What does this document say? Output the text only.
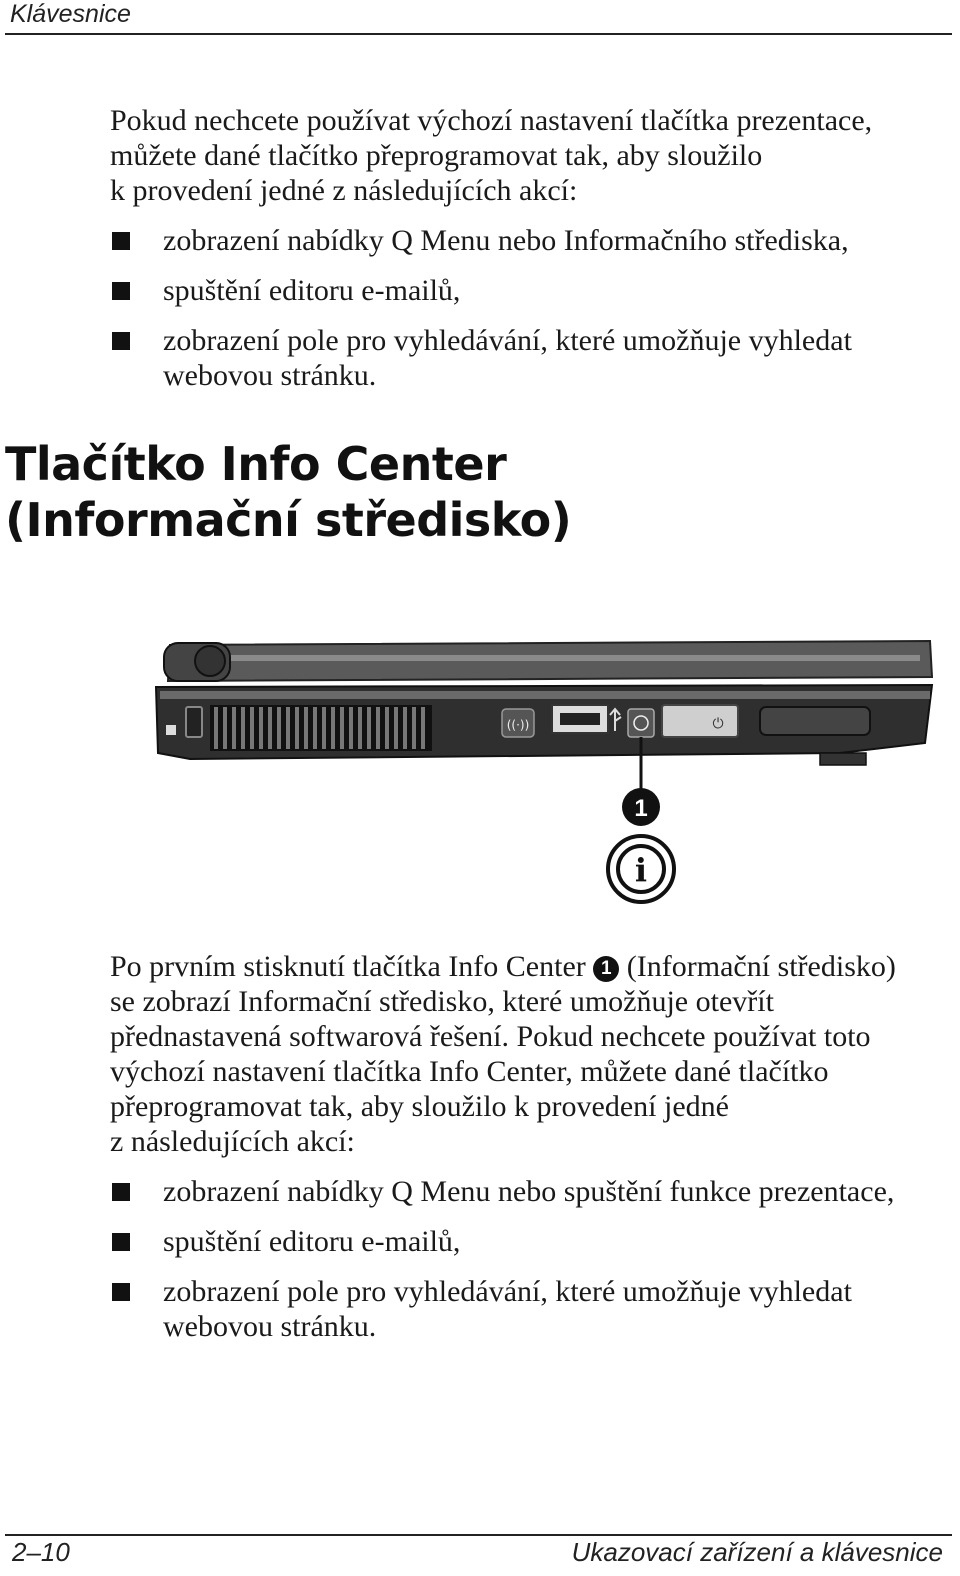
Klávesnice

Pokud nechcete používat výchozí nastavení tlačítka prezentace,
můžete dané tlačítko přeprogramovat tak, aby sloužilo
k provedení jedné z následujících akcí:

zobrazení nabídky Q Menu nebo Informačního střediska,
spuštění editoru e-mailů,
zobrazení pole pro vyhledávání, které umožňuje vyhledat
webovou stránku.
Tlačítko Info Center
(Informační středisko)
((·))	⏻
1
i

Po prvním stisknutí tlačítka Info Center 1 (Informační středisko)
se zobrazí Informační středisko, které umožňuje otevřít
přednastavená softwarová řešení. Pokud nechcete používat toto
výchozí nastavení tlačítka Info Center, můžete dané tlačítko
přeprogramovat tak, aby sloužilo k provedení jedné
z následujících akcí:

zobrazení nabídky Q Menu nebo spuštění funkce prezentace,
spuštění editoru e-mailů,
zobrazení pole pro vyhledávání, které umožňuje vyhledat
webovou stránku.
2–10	Ukazovací zařízení a klávesnice
